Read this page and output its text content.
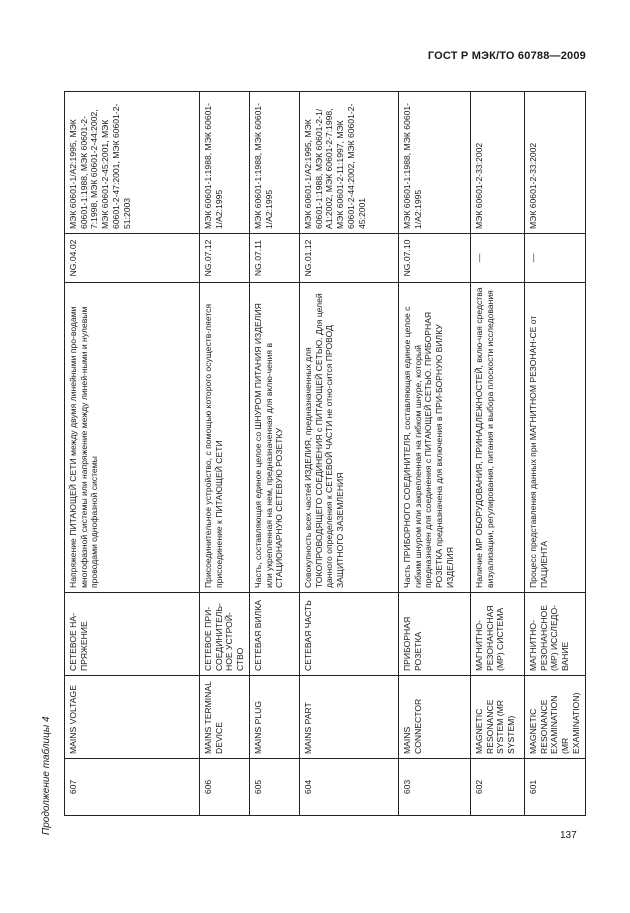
ГОСТ Р МЭК/ТО 60788—2009
Продолжение таблицы 4 607	MAINS VOLTAGE	СЕТЕВОЕ НА-ПРЯЖЕНИЕ	Напряжение ПИТАЮЩЕЙ СЕТИ между двумя линейными про-водами многофазной системы или напряжение между линей-ными и нулевым проводами однофазной системы	NG.04.02	МЭК 60601-1/А2:1995, МЭК 60601-1:1988, МЭК 60601-2-7:1998, МЭК 60601-2-44:2002, МЭК 60601-2-45:2001, МЭК 60601-2-47:2001, МЭК 60601-2-51:2003
606	MAINS TERMINAL DEVICE	СЕТЕВОЕ ПРИ-СОЕДИНИТЕЛЬ-НОЕ УСТРОЙ-СТВО	Присоединительное устройство, с помощью которого осуществ-ляется присоединение к ПИТАЮЩЕЙ СЕТИ	NG.07.12	МЭК 60601-1:1988, МЭК 60601-1/А2:1995
605	MAINS PLUG	СЕТЕВАЯ ВИЛКА	Часть, составляющая единое целое со ШНУРОМ ПИТАНИЯ ИЗДЕЛИЯ или укрепленная на нем, предназначенная для вклю-чения в СТАЦИОНАРНУЮ СЕТЕВУЮ РОЗЕТКУ	NG.07.11	МЭК 60601-1:1988, МЭК 60601-1/А2:1995
604	MAINS PART	СЕТЕВАЯ ЧАСТЬ	Совокупность всех частей ИЗДЕЛИЯ, предназначенных для ТОКОПРОВОДЯЩЕГО СОЕДИНЕНИЯ с ПИТАЮЩЕЙ СЕТЬЮ. Для целей данного определения к СЕТЕВОЙ ЧАСТИ не отно-сится ПРОВОД ЗАЩИТНОГО ЗАЗЕМЛЕНИЯ	NG.01.12	МЭК 60601-1/А2:1995, МЭК 60601-1:1988, МЭК 60601-2-1/А1:2002, МЭК 60601-2-7:1998, МЭК 60601-2-11:1997, МЭК 60601-2-44:2002, МЭК 60601-2-45:2001
603	MAINS CONNECTOR	ПРИБОРНАЯ РОЗЕТКА	Часть ПРИБОРНОГО СОЕДИНИТЕЛЯ, составляющая единое целое с гибким шнуром или закрепленная на гибком шнуре, который предназначен для соединения с ПИТАЮЩЕЙ СЕТЬЮ. ПРИБОРНАЯ РОЗЕТКА предназначена для включения в ПРИ-БОРНУЮ ВИЛКУ ИЗДЕЛИЯ	NG.07.10	МЭК 60601-1:1988, МЭК 60601-1/А2:1995
602	MAGNETIC RESONANCE SYSTEM (MR SYSTEM)	МАГНИТНО-РЕЗОНАНСНАЯ (МР) СИСТЕМА	Наличие МР ОБОРУДОВАНИЯ, ПРИНАДЛЕЖНОСТЕЙ, вклю-чая средства визуализации, регулирования, питания и выбора плоскости исследования	—	МЭК 60601-2-33:2002
601	MAGNETIC RESONANCE EXAMINATION (MR EXAMINATION)	МАГНИТНО-РЕЗОНАНСНОЕ (МР) ИССЛЕДО-ВАНИЕ	Процесс представления данных при МАГНИТНОМ РЕЗОНАН-СЕ от ПАЦИЕНТА	—	МЭК 60601-2-33:2002
137
